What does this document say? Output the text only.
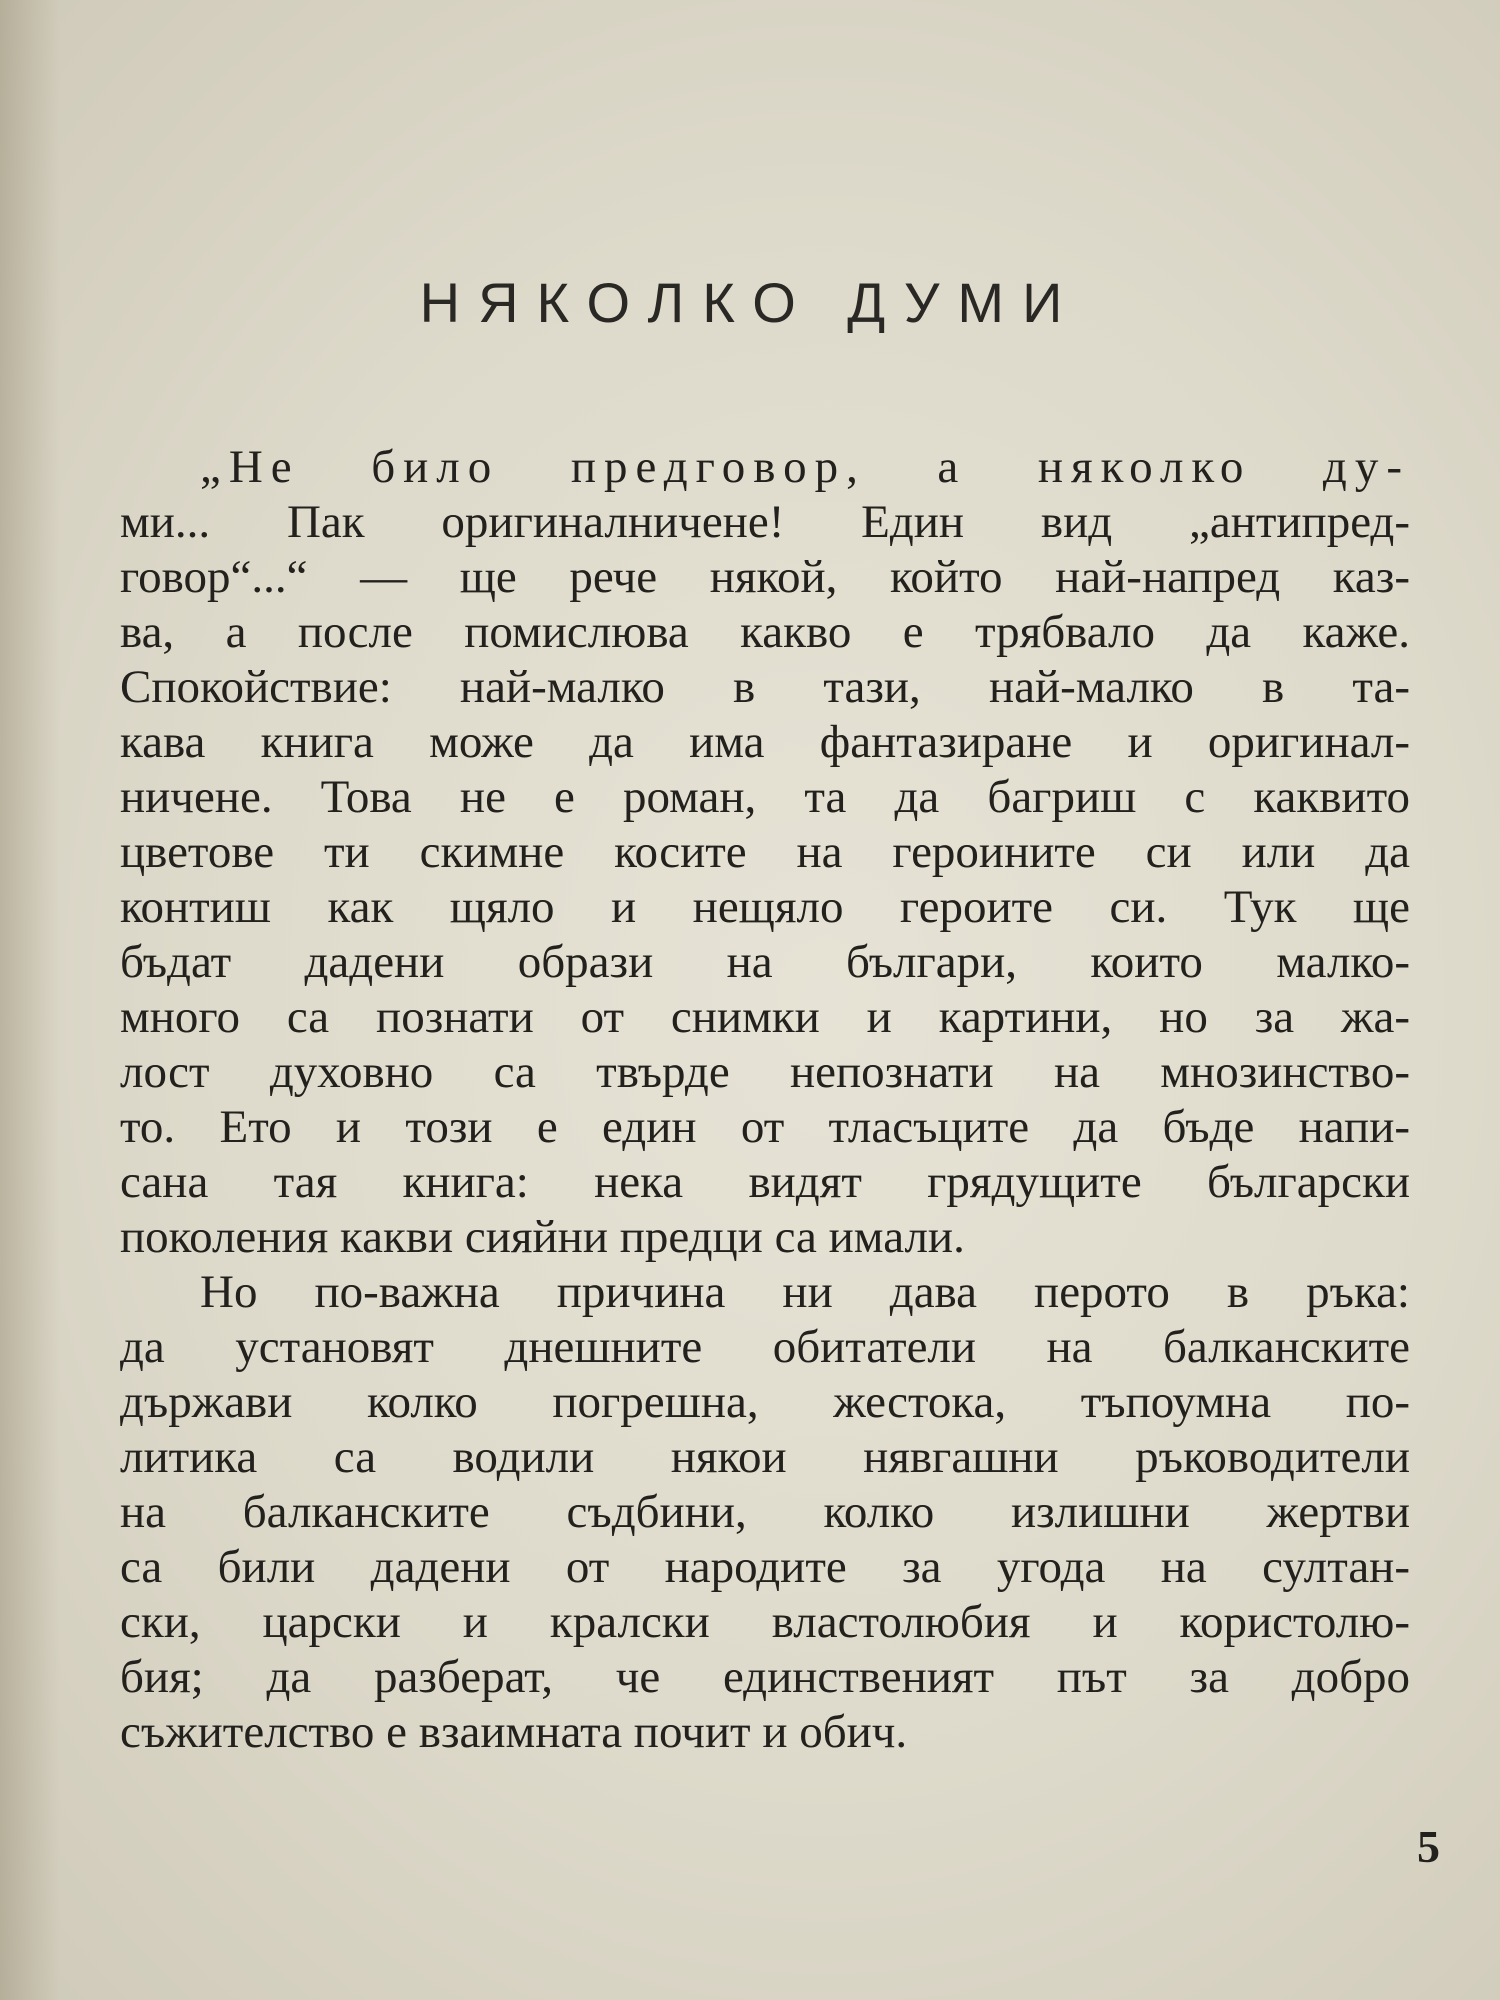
НЯКОЛКО ДУМИ
„Не било предговор, а няколко ду-
ми... Пак оригиналничене! Един вид „антипред-
говор“...“ — ще рече някой, който най-напред каз-
ва, а после помислюва какво е трябвало да каже.
Спокойствие: най-малко в тази, най-малко в та-
кава книга може да има фантазиране и оригинал-
ничене. Това не е роман, та да багриш с каквито
цветове ти скимне косите на героините си или да
контиш как щяло и нещяло героите си. Тук ще
бъдат дадени образи на българи, които малко-
много са познати от снимки и картини, но за жа-
лост духовно са твърде непознати на мнозинство-
то. Ето и този е един от тласъците да бъде напи-
сана тая книга: нека видят грядущите български
поколения какви сияйни предци са имали.
Но по-важна причина ни дава перото в ръка:
да установят днешните обитатели на балканските
държави колко погрешна, жестока, тъпоумна по-
литика са водили някои нявгашни ръководители
на балканските съдбини, колко излишни жертви
са били дадени от народите за угода на султан-
ски, царски и кралски властолюбия и користолю-
бия; да разберат, че единственият път за добро
съжителство е взаимната почит и обич.
5
